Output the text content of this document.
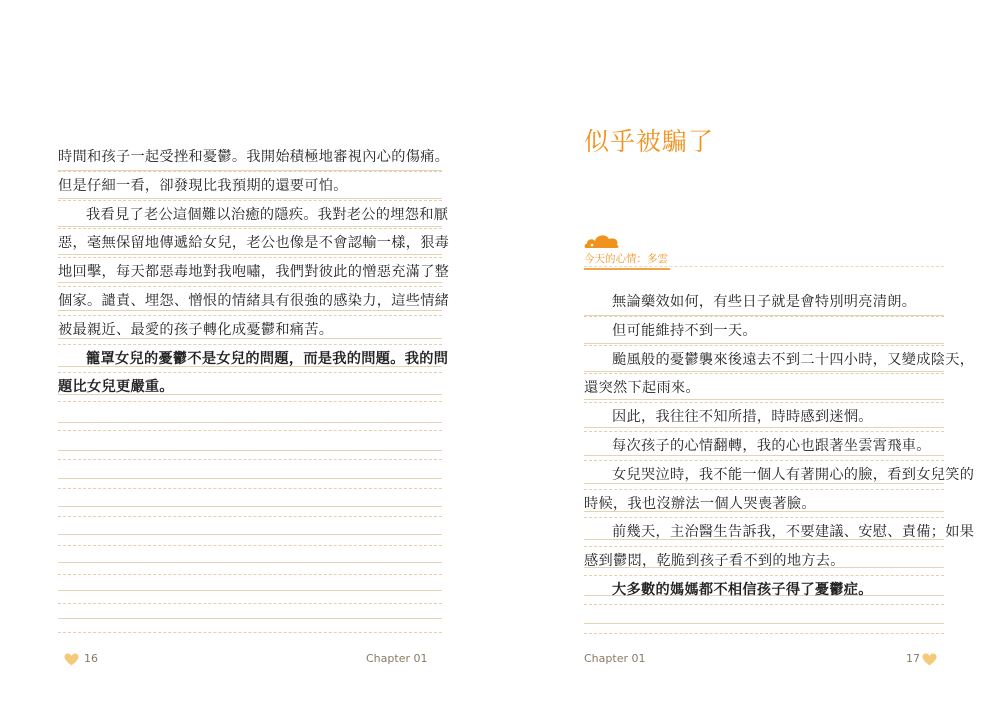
時間和孩子一起受挫和憂鬱。我開始積極地審視內心的傷痛。
但是仔細一看，卻發現比我預期的還要可怕。
我看見了老公這個難以治癒的隱疾。我對老公的埋怨和厭
惡，毫無保留地傳遞給女兒，老公也像是不會認輸一樣，狠毒
地回擊，每天都惡毒地對我咆嘯，我們對彼此的憎惡充滿了整
個家。譴責、埋怨、憎恨的情緒具有很強的感染力，這些情緒
被最親近、最愛的孩子轉化成憂鬱和痛苦。
籠罩女兒的憂鬱不是女兒的問題，而是我的問題。我的問
題比女兒更嚴重。
16	Chapter 01
似乎被騙了
今天的心情：多雲
無論藥效如何，有些日子就是會特別明亮清朗。
但可能維持不到一天。
颱風般的憂鬱襲來後遠去不到二十四小時，又變成陰天，
還突然下起雨來。
因此，我往往不知所措，時時感到迷惘。
每次孩子的心情翻轉，我的心也跟著坐雲霄飛車。
女兒哭泣時，我不能一個人有著開心的臉，看到女兒笑的
時候，我也沒辦法一個人哭喪著臉。
前幾天，主治醫生告訴我，不要建議、安慰、責備；如果
感到鬱悶，乾脆到孩子看不到的地方去。
大多數的媽媽都不相信孩子得了憂鬱症。
Chapter 01	17
